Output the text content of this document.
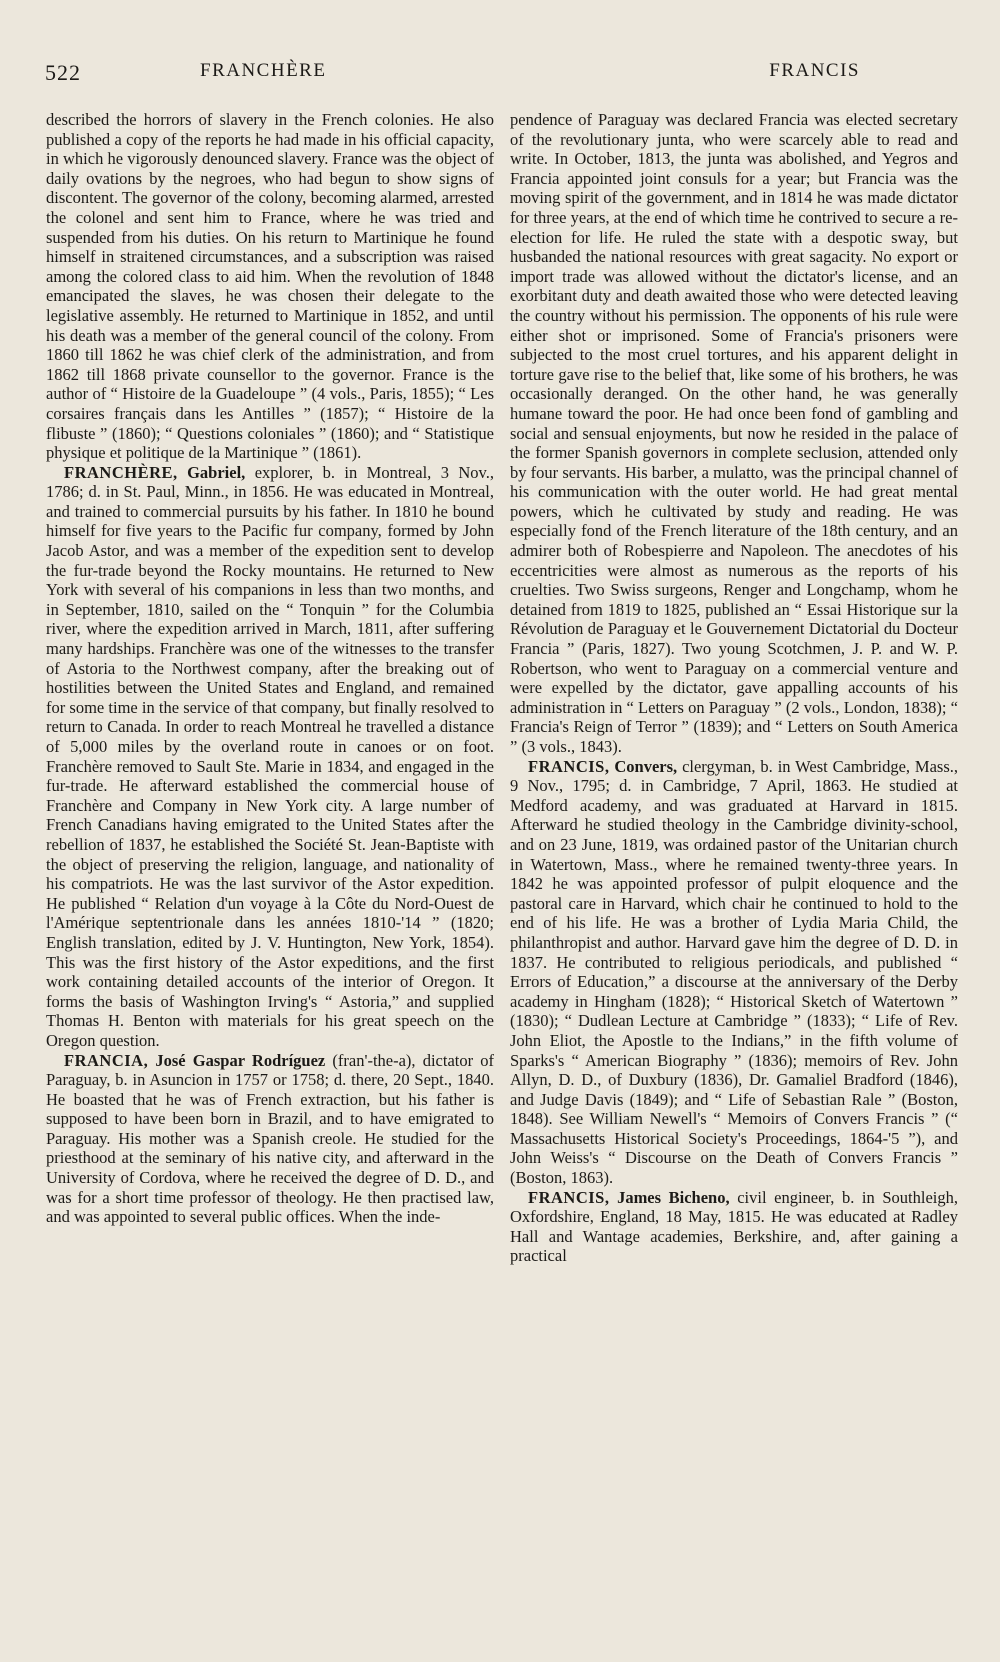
522	FRANCHÈRE	FRANCIS

described the horrors of slavery in the French colonies. He also published a copy of the reports he had made in his official capacity, in which he vigorously denounced slavery. France was the object of daily ovations by the negroes, who had begun to show signs of discontent. The governor of the colony, becoming alarmed, arrested the colonel and sent him to France, where he was tried and suspended from his duties. On his return to Martinique he found himself in straitened circumstances, and a subscription was raised among the colored class to aid him. When the revolution of 1848 emancipated the slaves, he was chosen their delegate to the legislative assembly. He returned to Martinique in 1852, and until his death was a member of the general council of the colony. From 1860 till 1862 he was chief clerk of the administration, and from 1862 till 1868 private counsellor to the governor. France is the author of “ Histoire de la Guadeloupe ” (4 vols., Paris, 1855); “ Les corsaires français dans les Antilles ” (1857); “ Histoire de la flibuste ” (1860); “ Questions coloniales ” (1860); and “ Statistique physique et politique de la Martinique ” (1861).

FRANCHÈRE, Gabriel, explorer, b. in Montreal, 3 Nov., 1786; d. in St. Paul, Minn., in 1856. He was educated in Montreal, and trained to commercial pursuits by his father. In 1810 he bound himself for five years to the Pacific fur company, formed by John Jacob Astor, and was a member of the expedition sent to develop the fur-trade beyond the Rocky mountains. He returned to New York with several of his companions in less than two months, and in September, 1810, sailed on the “ Tonquin ” for the Columbia river, where the expedition arrived in March, 1811, after suffering many hardships. Franchère was one of the witnesses to the transfer of Astoria to the Northwest company, after the breaking out of hostilities between the United States and England, and remained for some time in the service of that company, but finally resolved to return to Canada. In order to reach Montreal he travelled a distance of 5,000 miles by the overland route in canoes or on foot. Franchère removed to Sault Ste. Marie in 1834, and engaged in the fur-trade. He afterward established the commercial house of Franchère and Company in New York city. A large number of French Canadians having emigrated to the United States after the rebellion of 1837, he established the Société St. Jean-Baptiste with the object of preserving the religion, language, and nationality of his compatriots. He was the last survivor of the Astor expedition. He published “ Relation d'un voyage à la Côte du Nord-Ouest de l'Amérique septentrionale dans les années 1810-'14 ” (1820; English translation, edited by J. V. Huntington, New York, 1854). This was the first history of the Astor expeditions, and the first work containing detailed accounts of the interior of Oregon. It forms the basis of Washington Irving's “ Astoria,” and supplied Thomas H. Benton with materials for his great speech on the Oregon question.

FRANCIA, José Gaspar Rodríguez (fran'-the-a), dictator of Paraguay, b. in Asuncion in 1757 or 1758; d. there, 20 Sept., 1840. He boasted that he was of French extraction, but his father is supposed to have been born in Brazil, and to have emigrated to Paraguay. His mother was a Spanish creole. He studied for the priesthood at the seminary of his native city, and afterward in the University of Cordova, where he received the degree of D. D., and was for a short time professor of theology. He then practised law, and was appointed to several public offices. When the inde-

pendence of Paraguay was declared Francia was elected secretary of the revolutionary junta, who were scarcely able to read and write. In October, 1813, the junta was abolished, and Yegros and Francia appointed joint consuls for a year; but Francia was the moving spirit of the government, and in 1814 he was made dictator for three years, at the end of which time he contrived to secure a re-election for life. He ruled the state with a despotic sway, but husbanded the national resources with great sagacity. No export or import trade was allowed without the dictator's license, and an exorbitant duty and death awaited those who were detected leaving the country without his permission. The opponents of his rule were either shot or imprisoned. Some of Francia's prisoners were subjected to the most cruel tortures, and his apparent delight in torture gave rise to the belief that, like some of his brothers, he was occasionally deranged. On the other hand, he was generally humane toward the poor. He had once been fond of gambling and social and sensual enjoyments, but now he resided in the palace of the former Spanish governors in complete seclusion, attended only by four servants. His barber, a mulatto, was the principal channel of his communication with the outer world. He had great mental powers, which he cultivated by study and reading. He was especially fond of the French literature of the 18th century, and an admirer both of Robespierre and Napoleon. The anecdotes of his eccentricities were almost as numerous as the reports of his cruelties. Two Swiss surgeons, Renger and Longchamp, whom he detained from 1819 to 1825, published an “ Essai Historique sur la Révolution de Paraguay et le Gouvernement Dictatorial du Docteur Francia ” (Paris, 1827). Two young Scotchmen, J. P. and W. P. Robertson, who went to Paraguay on a commercial venture and were expelled by the dictator, gave appalling accounts of his administration in “ Letters on Paraguay ” (2 vols., London, 1838); “ Francia's Reign of Terror ” (1839); and “ Letters on South America ” (3 vols., 1843).

FRANCIS, Convers, clergyman, b. in West Cambridge, Mass., 9 Nov., 1795; d. in Cambridge, 7 April, 1863. He studied at Medford academy, and was graduated at Harvard in 1815. Afterward he studied theology in the Cambridge divinity-school, and on 23 June, 1819, was ordained pastor of the Unitarian church in Watertown, Mass., where he remained twenty-three years. In 1842 he was appointed professor of pulpit eloquence and the pastoral care in Harvard, which chair he continued to hold to the end of his life. He was a brother of Lydia Maria Child, the philanthropist and author. Harvard gave him the degree of D. D. in 1837. He contributed to religious periodicals, and published “ Errors of Education,” a discourse at the anniversary of the Derby academy in Hingham (1828); “ Historical Sketch of Watertown ” (1830); “ Dudlean Lecture at Cambridge ” (1833); “ Life of Rev. John Eliot, the Apostle to the Indians,” in the fifth volume of Sparks's “ American Biography ” (1836); memoirs of Rev. John Allyn, D. D., of Duxbury (1836), Dr. Gamaliel Bradford (1846), and Judge Davis (1849); and “ Life of Sebastian Rale ” (Boston, 1848). See William Newell's “ Memoirs of Convers Francis ” (“ Massachusetts Historical Society's Proceedings, 1864-'5 ”), and John Weiss's “ Discourse on the Death of Convers Francis ” (Boston, 1863).

FRANCIS, James Bicheno, civil engineer, b. in Southleigh, Oxfordshire, England, 18 May, 1815. He was educated at Radley Hall and Wantage academies, Berkshire, and, after gaining a practical
